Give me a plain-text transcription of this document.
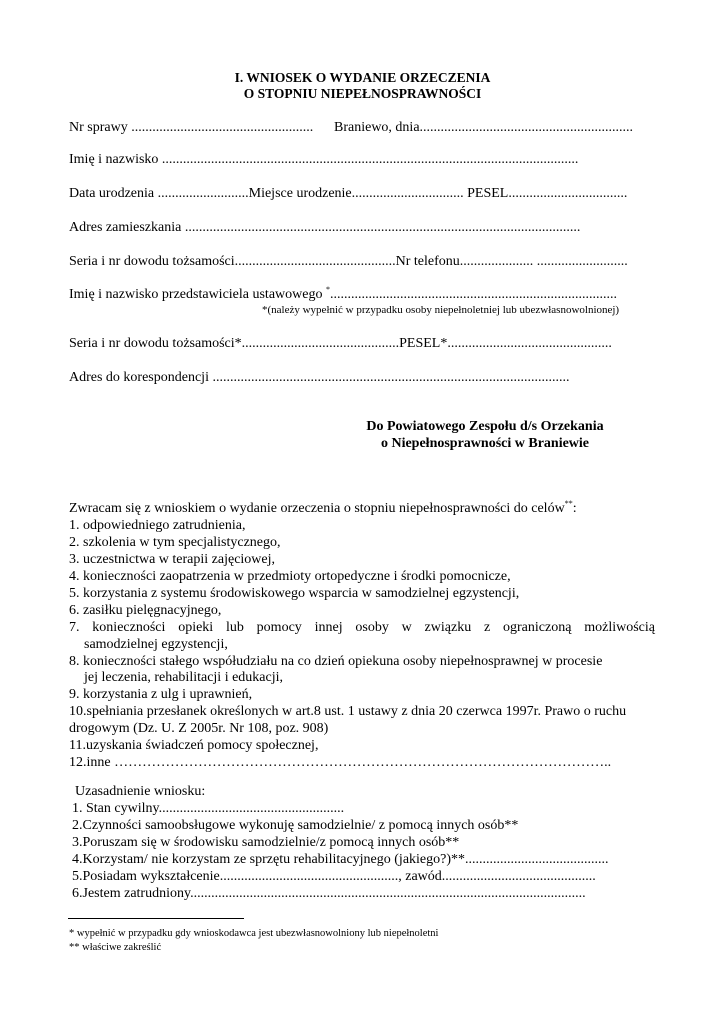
I. WNIOSEK O WYDANIE ORZECZENIA
O STOPNIU NIEPEŁNOSPRAWNOŚCI
Nr sprawy .................................................... Braniewo, dnia.............................................................
Imię i nazwisko .......................................................................................................................
Data urodzenia ..........................Miejsce urodzenie................................ PESEL..................................
Adres zamieszkania .................................................................................................................
Seria i nr dowodu tożsamości..............................................Nr telefonu..................... ..........................
Imię i nazwisko przedstawiciela ustawowego *..................................................................................
*(należy wypełnić w przypadku osoby niepełnoletniej lub ubezwłasnowolnionej)
Seria i nr dowodu tożsamości*.............................................PESEL*...............................................
Adres do korespondencji ......................................................................................................
Do Powiatowego Zespołu d/s Orzekania
o Niepełnosprawności w Braniewie
Zwracam się z wnioskiem o wydanie orzeczenia o stopniu niepełnosprawności do celów**:
1. odpowiedniego zatrudnienia,
2. szkolenia w tym specjalistycznego,
3. uczestnictwa w terapii zajęciowej,
4. konieczności zaopatrzenia w przedmioty ortopedyczne i środki pomocnicze,
5. korzystania z systemu środowiskowego wsparcia w samodzielnej egzystencji,
6. zasiłku pielęgnacyjnego,
7. konieczności opieki lub pomocy innej osoby w związku z ograniczoną możliwością
samodzielnej egzystencji,
8. konieczności stałego współudziału na co dzień opiekuna osoby niepełnosprawnej w procesie
jej leczenia, rehabilitacji i edukacji,
9. korzystania z ulg i uprawnień,
10.spełniania przesłanek określonych w art.8 ust. 1 ustawy z dnia 20 czerwca 1997r. Prawo o ruchu
drogowym (Dz. U. Z 2005r. Nr 108, poz. 908)
11.uzyskania świadczeń pomocy społecznej,
12.inne ……………………………………………………………………………………………..
Uzasadnienie wniosku:
1. Stan cywilny.....................................................
2.Czynności samoobsługowe wykonuję samodzielnie/ z pomocą innych osób**
3.Poruszam się w środowisku samodzielnie/z pomocą innych osób**
4.Korzystam/ nie korzystam ze sprzętu rehabilitacyjnego (jakiego?)**.........................................
5.Posiadam wykształcenie..................................................., zawód............................................
6.Jestem zatrudniony.................................................................................................................
* wypełnić w przypadku gdy wnioskodawca jest ubezwłasnowolniony lub niepełnoletni
** właściwe zakreślić
